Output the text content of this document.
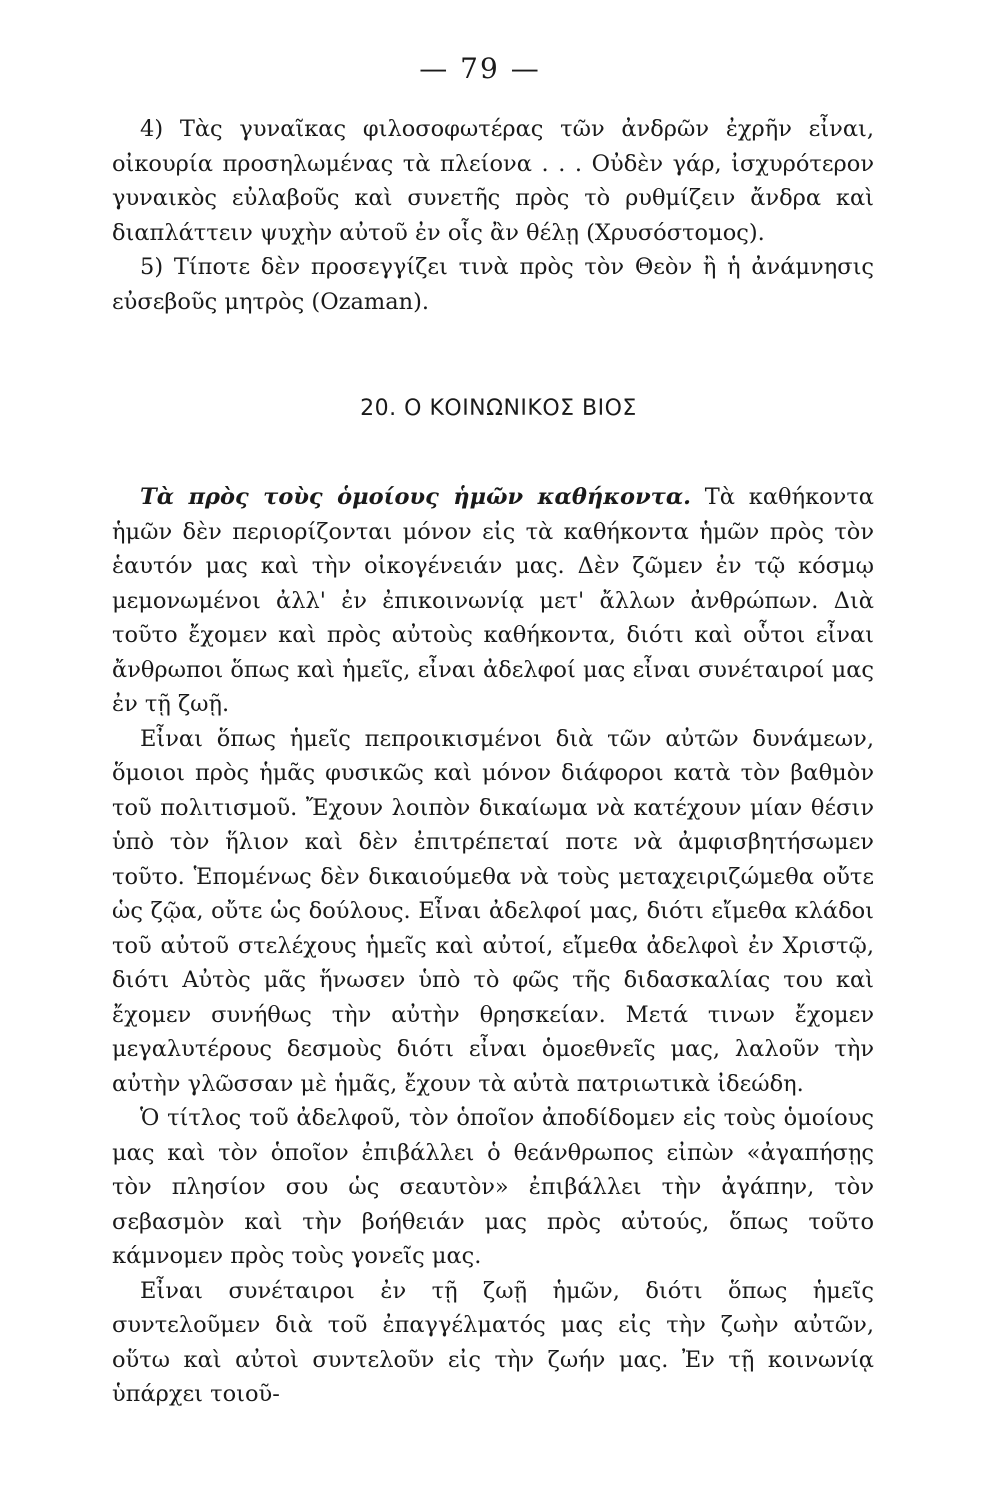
— 79 —

4) Τὰς γυναῖκας φιλοσοφωτέρας τῶν ἀνδρῶν ἐχρῆν εἶναι, οἰκουρία προσηλωμένας τὰ πλείονα . . . Οὐδὲν γάρ, ἰσχυρότερον γυναικὸς εὐλαβοῦς καὶ συνετῆς πρὸς τὸ ρυθμίζειν ἄνδρα καὶ διαπλάττειν ψυχὴν αὐτοῦ ἐν οἷς ἂν θέλῃ (Χρυσόστομος).

5) Τίποτε δὲν προσεγγίζει τινὰ πρὸς τὸν Θεὸν ἢ ἡ ἀνάμνησις εὐσεβοῦς μητρὸς (Ozaman).

20. Ο ΚΟΙΝΩΝΙΚΟΣ ΒΙΟΣ

Τὰ πρὸς τοὺς ὁμοίους ἡμῶν καθήκοντα. Τὰ καθήκοντα ἡμῶν δὲν περιορίζονται μόνον εἰς τὰ καθήκοντα ἡμῶν πρὸς τὸν ἑαυτόν μας καὶ τὴν οἰκογένειάν μας. Δὲν ζῶμεν ἐν τῷ κόσμῳ μεμονωμένοι ἀλλ' ἐν ἐπικοινωνίᾳ μετ' ἄλλων ἀνθρώπων. Διὰ τοῦτο ἔχομεν καὶ πρὸς αὐτοὺς καθήκοντα, διότι καὶ οὗτοι εἶναι ἄνθρωποι ὅπως καὶ ἡμεῖς, εἶναι ἀδελφοί μας εἶναι συνέταιροί μας ἐν τῇ ζωῇ.

Εἶναι ὅπως ἡμεῖς πεπροικισμένοι διὰ τῶν αὐτῶν δυνάμεων, ὅμοιοι πρὸς ἡμᾶς φυσικῶς καὶ μόνον διάφοροι κατὰ τὸν βαθμὸν τοῦ πολιτισμοῦ. Ἔχουν λοιπὸν δικαίωμα νὰ κατέχουν μίαν θέσιν ὑπὸ τὸν ἥλιον καὶ δὲν ἐπιτρέπεταί ποτε νὰ ἀμφισβητήσωμεν τοῦτο. Ἑπομένως δὲν δικαιούμεθα νὰ τοὺς μεταχειριζώμεθα οὔτε ὡς ζῷα, οὔτε ὡς δούλους. Εἶναι ἀδελφοί μας, διότι εἴμεθα κλάδοι τοῦ αὐτοῦ στελέχους ἡμεῖς καὶ αὐτοί, εἴμεθα ἀδελφοὶ ἐν Χριστῷ, διότι Αὐτὸς μᾶς ἥνωσεν ὑπὸ τὸ φῶς τῆς διδασκαλίας του καὶ ἔχομεν συνήθως τὴν αὐτὴν θρησκείαν. Μετά τινων ἔχομεν μεγαλυτέρους δεσμοὺς διότι εἶναι ὁμοεθνεῖς μας, λαλοῦν τὴν αὐτὴν γλῶσσαν μὲ ἡμᾶς, ἔχουν τὰ αὐτὰ πατριωτικὰ ἰδεώδη.

Ὁ τίτλος τοῦ ἀδελφοῦ, τὸν ὁποῖον ἀποδίδομεν εἰς τοὺς ὁμοίους μας καὶ τὸν ὁποῖον ἐπιβάλλει ὁ θεάνθρωπος εἰπὼν «ἀγαπήσῃς τὸν πλησίον σου ὡς σεαυτὸν» ἐπιβάλλει τὴν ἀγάπην, τὸν σεβασμὸν καὶ τὴν βοήθειάν μας πρὸς αὐτούς, ὅπως τοῦτο κάμνομεν πρὸς τοὺς γονεῖς μας.

Εἶναι συνέταιροι ἐν τῇ ζωῇ ἡμῶν, διότι ὅπως ἡμεῖς συντελοῦμεν διὰ τοῦ ἐπαγγέλματός μας εἰς τὴν ζωὴν αὐτῶν, οὕτω καὶ αὐτοὶ συντελοῦν εἰς τὴν ζωήν μας. Ἐν τῇ κοινωνίᾳ ὑπάρχει τοιοῦ-
